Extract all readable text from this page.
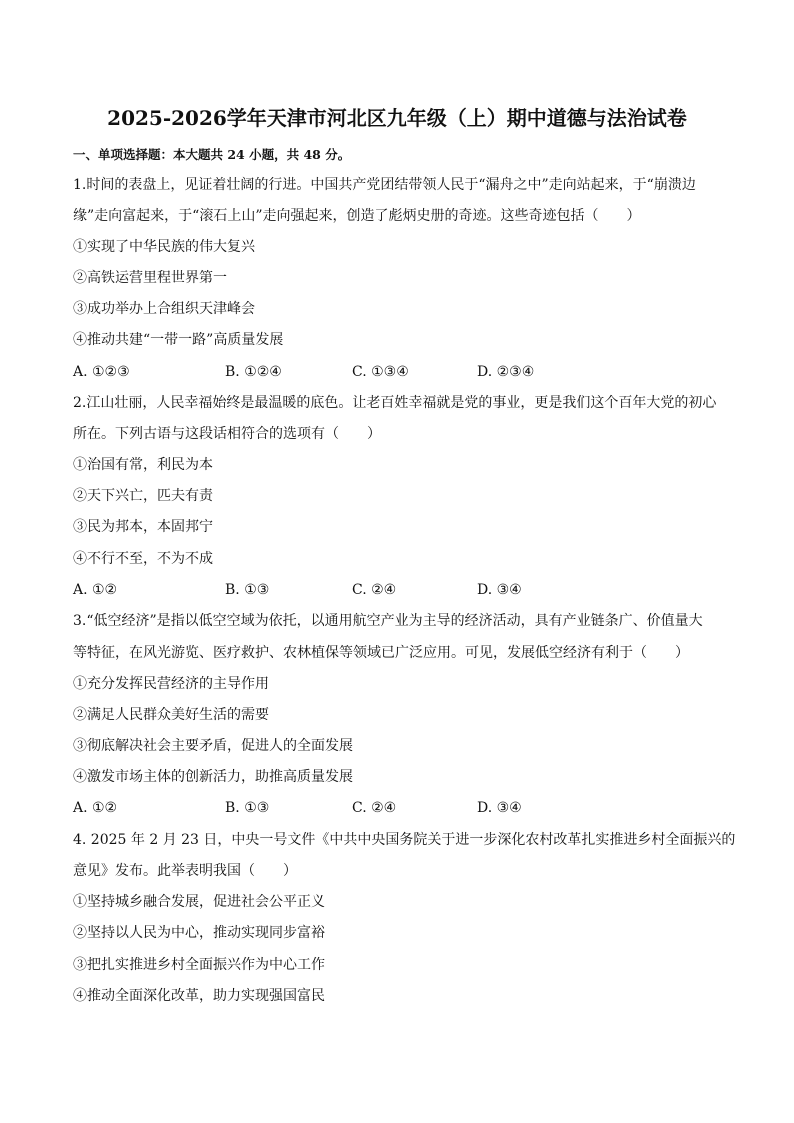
2025-2026学年天津市河北区九年级（上）期中道德与法治试卷
一、单项选择题：本大题共 24 小题，共 48 分。
1.时间的表盘上，见证着壮阔的行进。中国共产党团结带领人民于“漏舟之中”走向站起来，于“崩溃边
缘”走向富起来，于“滚石上山”走向强起来，创造了彪炳史册的奇迹。这些奇迹包括（　　）
①实现了中华民族的伟大复兴
②高铁运营里程世界第一
③成功举办上合组织天津峰会
④推动共建“一带一路”高质量发展
A. ①②③	B. ①②④	C. ①③④	D. ②③④
2.江山壮丽，人民幸福始终是最温暖的底色。让老百姓幸福就是党的事业，更是我们这个百年大党的初心
所在。下列古语与这段话相符合的选项有（　　）
①治国有常，利民为本
②天下兴亡，匹夫有责
③民为邦本，本固邦宁
④不行不至，不为不成
A. ①②	B. ①③	C. ②④	D. ③④
3.“低空经济”是指以低空空域为依托，以通用航空产业为主导的经济活动，具有产业链条广、价值量大
等特征，在风光游览、医疗救护、农林植保等领域已广泛应用。可见，发展低空经济有利于（　　）
①充分发挥民营经济的主导作用
②满足人民群众美好生活的需要
③彻底解决社会主要矛盾，促进人的全面发展
④激发市场主体的创新活力，助推高质量发展
A. ①②	B. ①③	C. ②④	D. ③④
4. 2025 年 2 月 23 日，中央一号文件《中共中央国务院关于进一步深化农村改革扎实推进乡村全面振兴的
意见》发布。此举表明我国（　　）
①坚持城乡融合发展，促进社会公平正义
②坚持以人民为中心，推动实现同步富裕
③把扎实推进乡村全面振兴作为中心工作
④推动全面深化改革，助力实现强国富民
